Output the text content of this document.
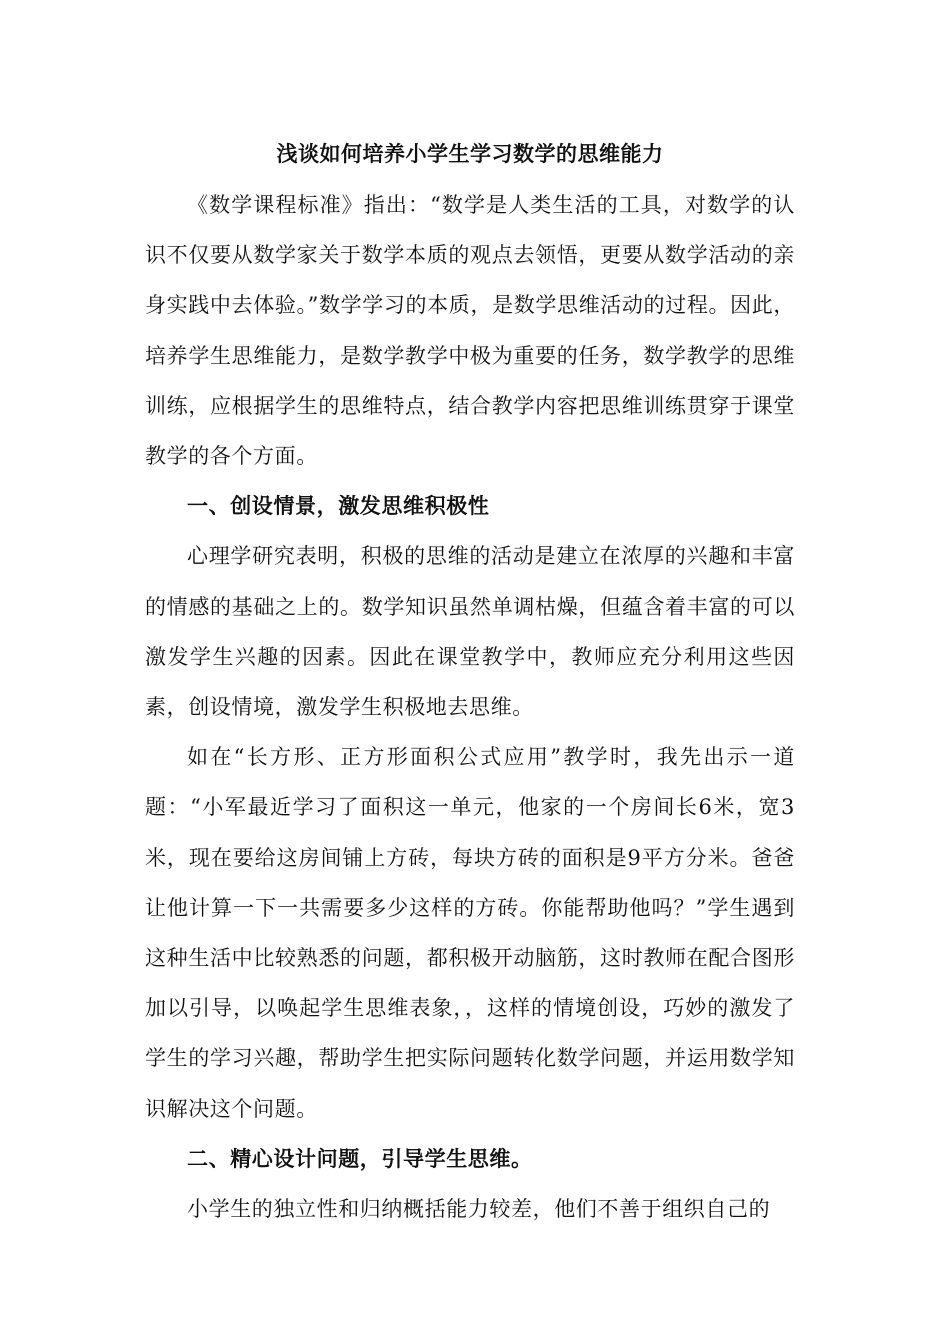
浅谈如何培养小学生学习数学的思维能力

《数学课程标准》指出：“数学是人类生活的工具，对数学的认识不仅要从数学家关于数学本质的观点去领悟，更要从数学活动的亲身实践中去体验。”数学学习的本质，是数学思维活动的过程。因此，培养学生思维能力，是数学教学中极为重要的任务，数学教学的思维训练，应根据学生的思维特点，结合教学内容把思维训练贯穿于课堂教学的各个方面。

一、创设情景，激发思维积极性

心理学研究表明，积极的思维的活动是建立在浓厚的兴趣和丰富的情感的基础之上的。数学知识虽然单调枯燥，但蕴含着丰富的可以激发学生兴趣的因素。因此在课堂教学中，教师应充分利用这些因素，创设情境，激发学生积极地去思维。

如在“长方形、正方形面积公式应用”教学时，我先出示一道题：“小军最近学习了面积这一单元，他家的一个房间长6米，宽3米，现在要给这房间铺上方砖，每块方砖的面积是9平方分米。爸爸让他计算一下一共需要多少这样的方砖。你能帮助他吗？”学生遇到这种生活中比较熟悉的问题，都积极开动脑筋，这时教师在配合图形加以引导，以唤起学生思维表象，，这样的情境创设，巧妙的激发了学生的学习兴趣，帮助学生把实际问题转化数学问题，并运用数学知识解决这个问题。

二、精心设计问题，引导学生思维。

小学生的独立性和归纳概括能力较差，他们不善于组织自己的
